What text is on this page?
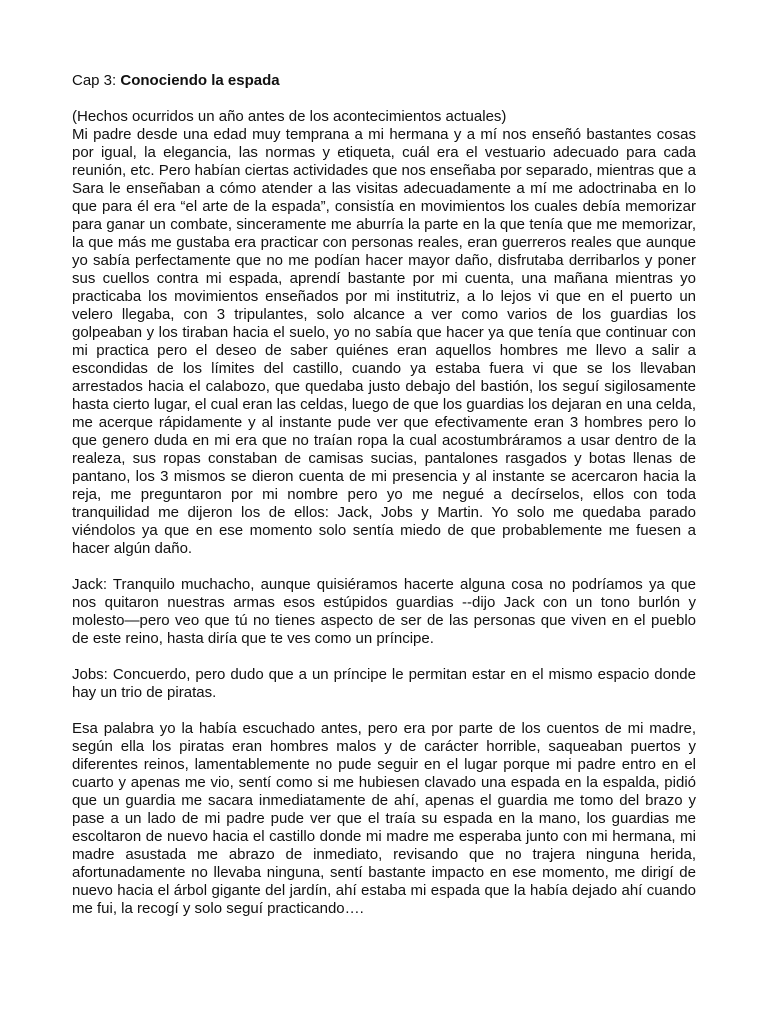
Cap 3: Conociendo la espada

(Hechos ocurridos un año antes de los acontecimientos actuales)

Mi padre desde una edad muy temprana a mi hermana y a mí nos enseñó bastantes cosas por igual, la elegancia, las normas y etiqueta, cuál era el vestuario adecuado para cada reunión, etc. Pero habían ciertas actividades que nos enseñaba por separado, mientras que a Sara le enseñaban a cómo atender a las visitas adecuadamente a mí me adoctrinaba en lo que para él era “el arte de la espada”, consistía en movimientos los cuales debía memorizar para ganar un combate, sinceramente me aburría la parte en la que tenía que me memorizar, la que más me gustaba era practicar con personas reales, eran guerreros reales que aunque yo sabía perfectamente que no me podían hacer mayor daño, disfrutaba derribarlos y poner sus cuellos contra mi espada, aprendí bastante por mi cuenta, una mañana mientras yo practicaba los movimientos enseñados por mi institutriz, a lo lejos vi que en el puerto un velero llegaba, con 3 tripulantes, solo alcance a ver como varios de los guardias los golpeaban y los tiraban hacia el suelo, yo no sabía que hacer ya que tenía que continuar con mi practica pero el deseo de saber quiénes eran aquellos hombres me llevo a salir a escondidas de los límites del castillo, cuando ya estaba fuera vi que se los llevaban arrestados hacia el calabozo, que quedaba justo debajo del bastión, los seguí sigilosamente hasta cierto lugar, el cual eran las celdas, luego de que los guardias los dejaran en una celda, me acerque rápidamente y al instante pude ver que efectivamente eran 3 hombres pero lo que genero duda en mi era que no traían ropa la cual acostumbráramos a usar dentro de la realeza, sus ropas constaban de camisas sucias, pantalones rasgados y botas llenas de pantano, los 3 mismos se dieron cuenta de mi presencia y al instante se acercaron hacia la reja, me preguntaron por mi nombre pero yo me negué a decírselos, ellos con toda tranquilidad me dijeron los de ellos: Jack, Jobs y Martin. Yo solo me quedaba parado viéndolos ya que en ese momento solo sentía miedo de que probablemente me fuesen a hacer algún daño.

Jack: Tranquilo muchacho, aunque quisiéramos hacerte alguna cosa no podríamos ya que nos quitaron nuestras armas esos estúpidos guardias --dijo Jack con un tono burlón y molesto—pero veo que tú no tienes aspecto de ser de las personas que viven en el pueblo de este reino, hasta diría que te ves como un príncipe.

Jobs: Concuerdo, pero dudo que a un príncipe le permitan estar en el mismo espacio donde hay un trio de piratas.

Esa palabra yo la había escuchado antes, pero era por parte de los cuentos de mi madre, según ella los piratas eran hombres malos y de carácter horrible, saqueaban puertos y diferentes reinos, lamentablemente no pude seguir en el lugar porque mi padre entro en el cuarto y apenas me vio, sentí como si me hubiesen clavado una espada en la espalda, pidió que un guardia me sacara inmediatamente de ahí, apenas el guardia me tomo del brazo y pase a un lado de mi padre pude ver que el traía su espada en la mano, los guardias me escoltaron de nuevo hacia el castillo donde mi madre me esperaba junto con mi hermana, mi madre asustada me abrazo de inmediato, revisando que no trajera ninguna herida, afortunadamente no llevaba ninguna, sentí bastante impacto en ese momento, me dirigí de nuevo hacia el árbol gigante del jardín, ahí estaba mi espada que la había dejado ahí cuando me fui, la recogí y solo seguí practicando….
